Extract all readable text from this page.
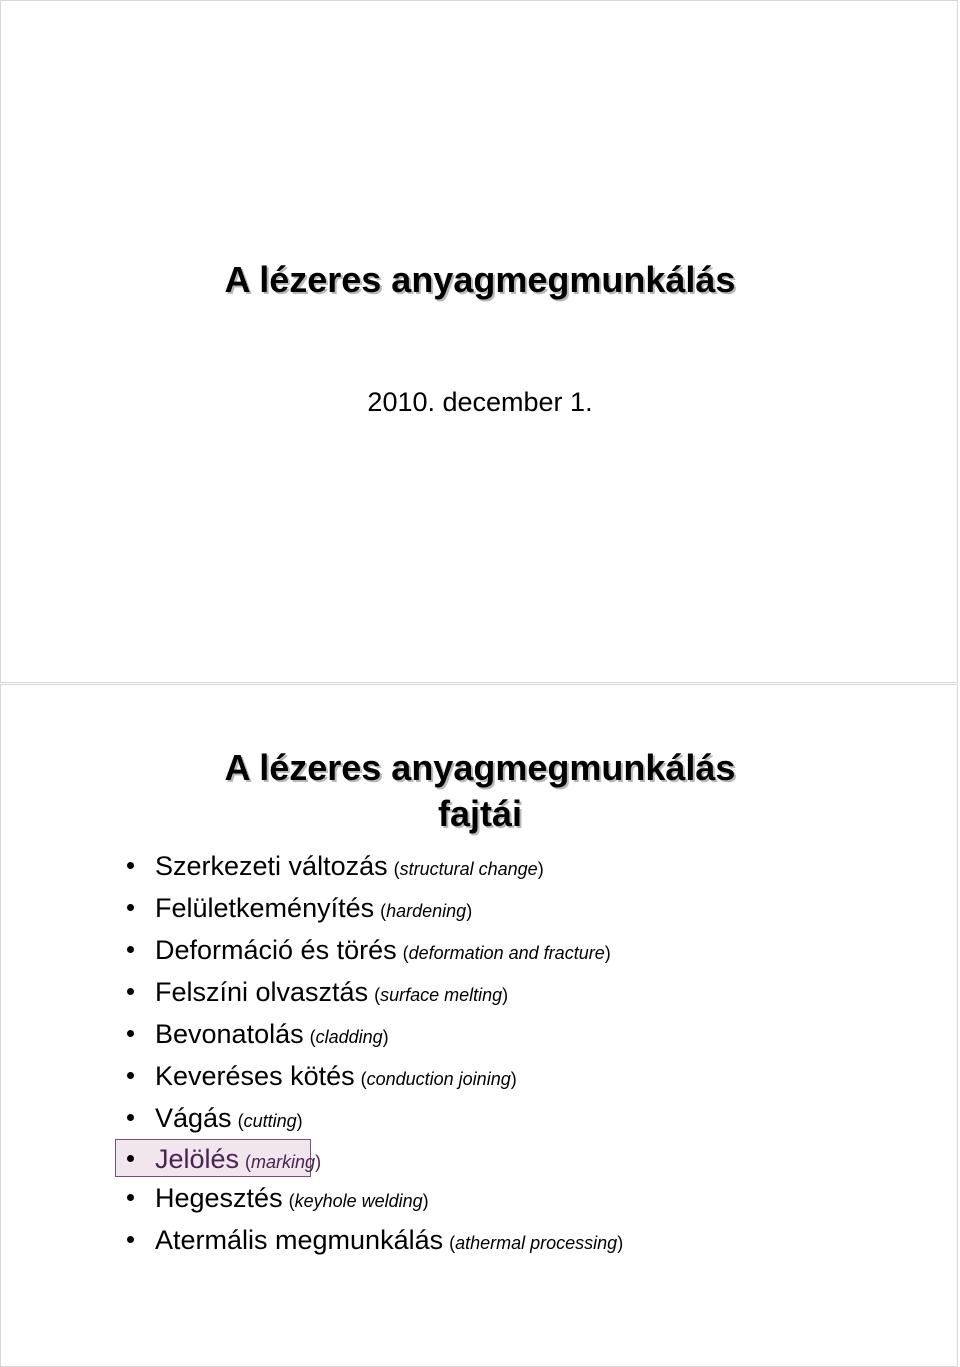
A lézeres anyagmegmunkálás

2010. december 1.

A lézeres anyagmegmunkálás
fajtái
Szerkezeti változás (structural change)
Felületkeményítés (hardening)
Deformáció és törés (deformation and fracture)
Felszíni olvasztás (surface melting)
Bevonatolás (cladding)
Keveréses kötés (conduction joining)
Vágás (cutting)
Jelölés (marking)
Hegesztés (keyhole welding)
Atermális megmunkálás (athermal processing)
